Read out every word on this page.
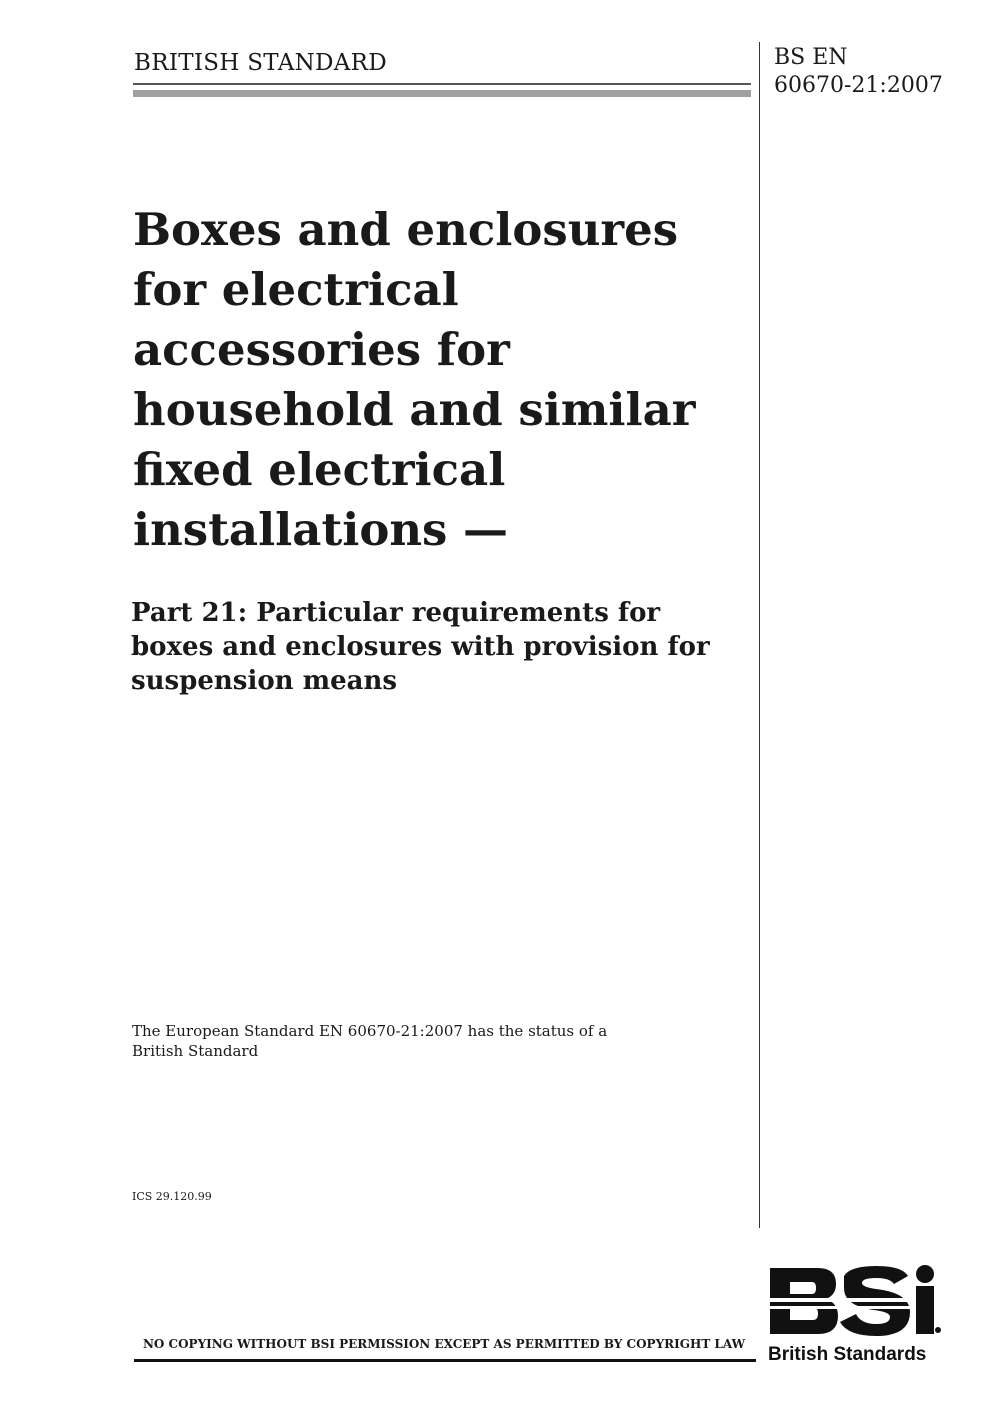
BRITISH STANDARD	BS EN
60670-21:2007
Boxes and enclosures
for electrical
accessories for
household and similar
fixed electrical
installations —
Part 21: Particular requirements for
boxes and enclosures with provision for
suspension means
The European Standard EN 60670-21:2007 has the status of a
British Standard
ICS 29.120.99
NO COPYING WITHOUT BSI PERMISSION EXCEPT AS PERMITTED BY COPYRIGHT LAW	British Standards
